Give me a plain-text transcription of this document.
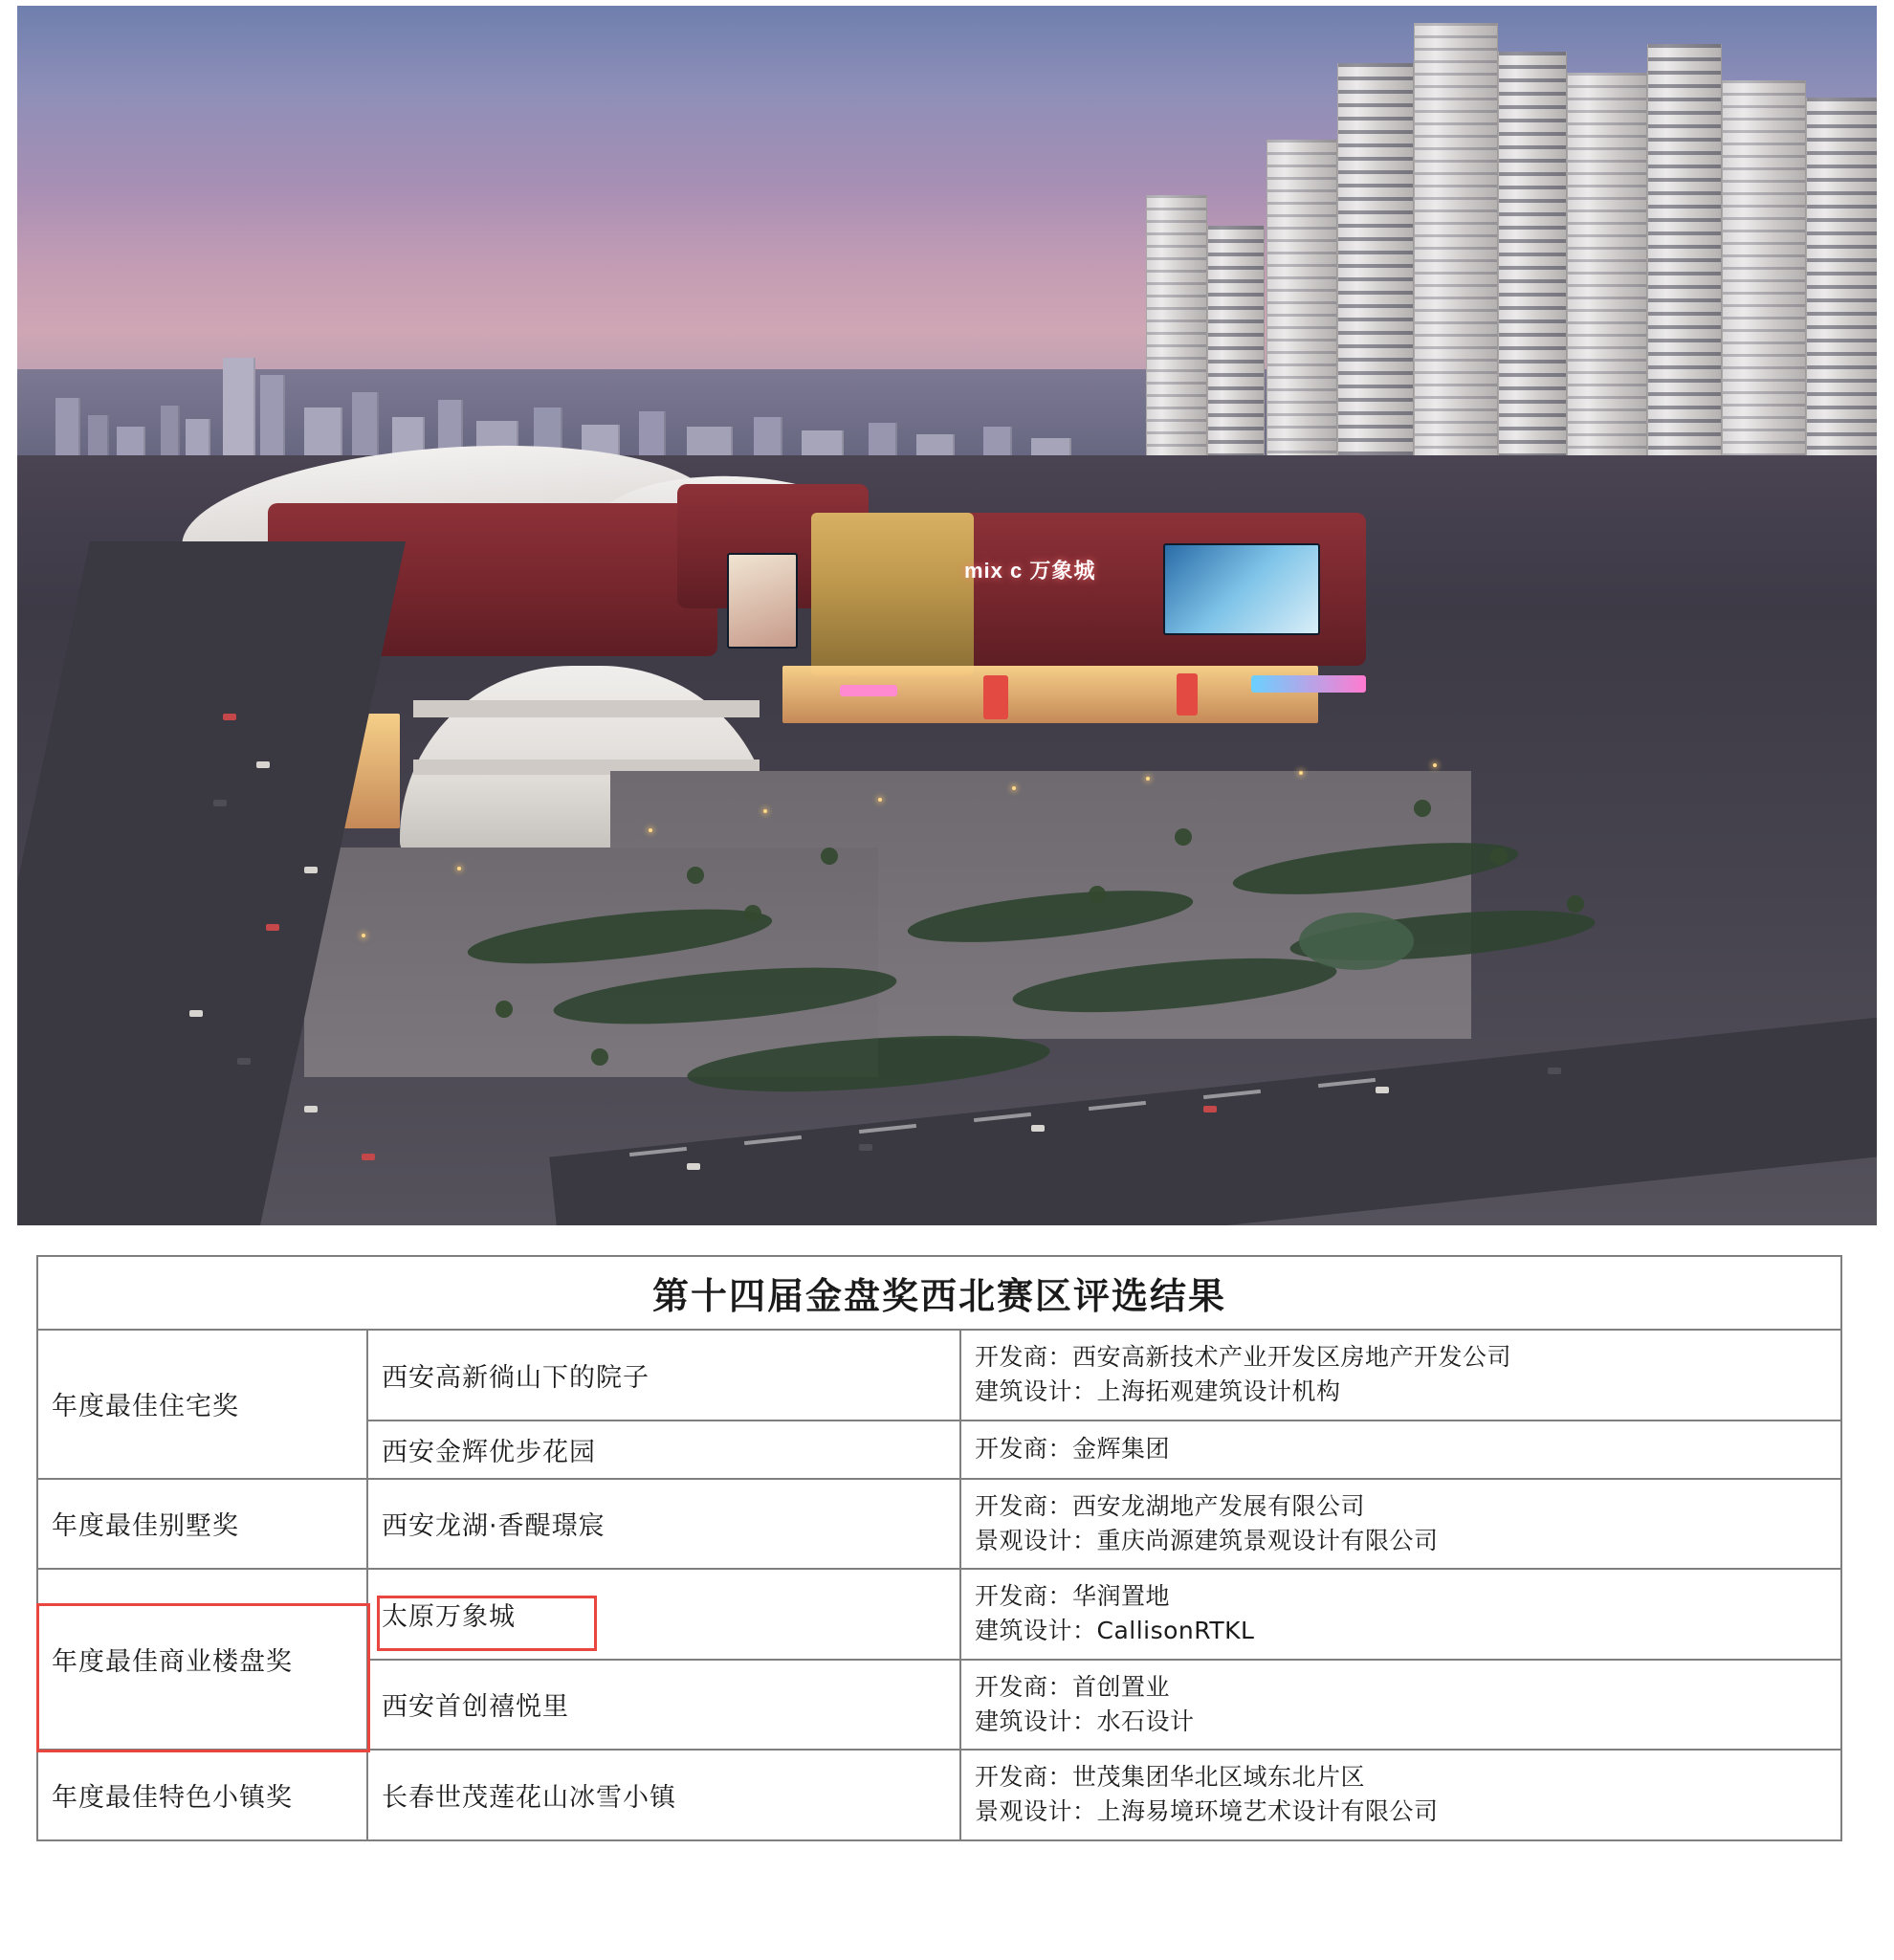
mix c 万象城
第十四届金盘奖西北赛区评选结果		
年度最佳住宅奖	西安高新徜山下的院子	开发商：西安高新技术产业开发区房地产开发公司
建筑设计：上海拓观建筑设计机构

	西安金辉优步花园	开发商：金辉集团

年度最佳别墅奖	西安龙湖·香醍璟宸	开发商：西安龙湖地产发展有限公司
景观设计：重庆尚源建筑景观设计有限公司

年度最佳商业楼盘奖	太原万象城	开发商：华润置地
建筑设计：CallisonRTKL

	西安首创禧悦里	开发商：首创置业
建筑设计：水石设计

年度最佳特色小镇奖	长春世茂莲花山冰雪小镇	开发商：世茂集团华北区域东北片区
景观设计：上海易境环境艺术设计有限公司
